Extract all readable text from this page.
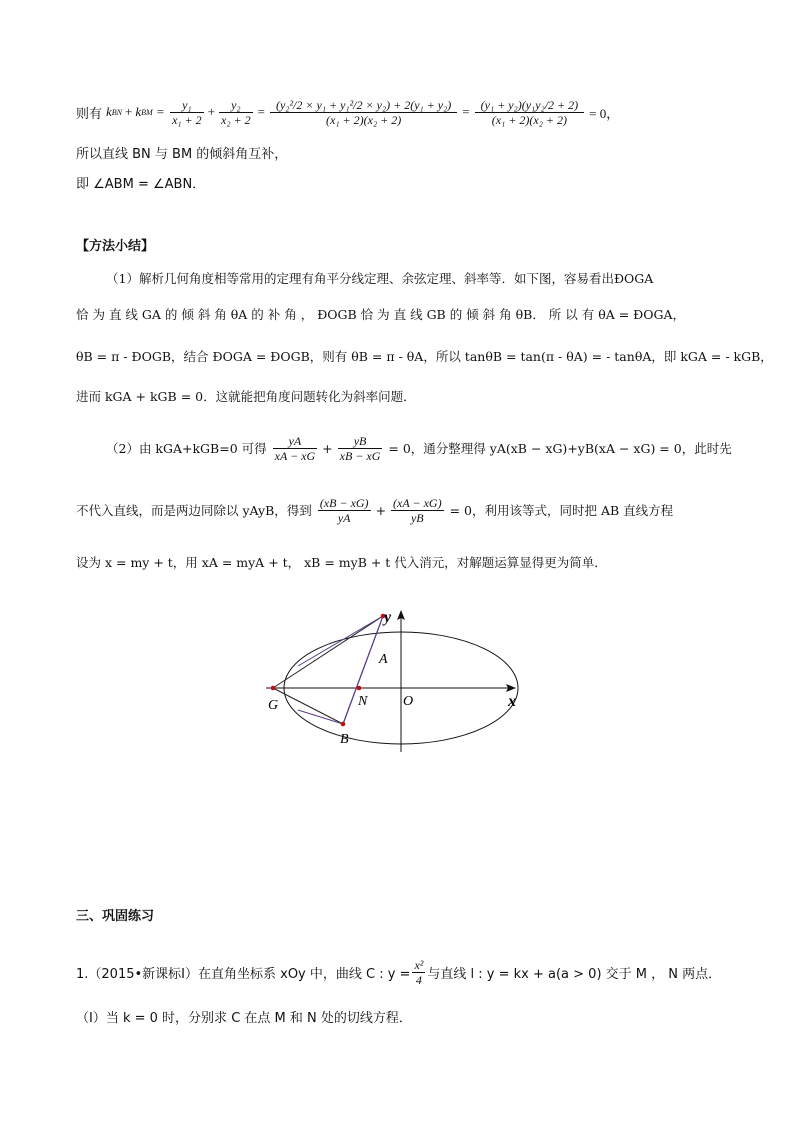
则有 k BN + k BM = $\frac{\text{y₁}}{\text{x₁ + 2}} + \frac{\text{y₂}}{\text{x₂ + 2}} = \frac{\text{(y₂²/2 × y₁ + y₁²/2 × y₂) + 2(y₁ + y₂)}}{\text{(x₁ + 2)(x₂ + 2)}} = \frac{\text{(y₁ + y₂)(y₁y₂/2 + 2)}}{\text{(x₁ + 2)(x₂ + 2)}} = 0$，
所以直线 BN 与 BM 的倾斜角互补，
即 ∠ABM = ∠ABN．
【方法小结】
（1）解析几何角度相等常用的定理有角平分线定理、余弦定理、斜率等．如下图，容易看出ÐOGA
恰 为 直 线 GA 的 倾 斜 角 θA 的 补 角 ， ÐOGB 恰 为 直 线 GB 的 倾 斜 角 θB． 所 以 有 θA = ÐOGA，
θB = π - ÐOGB，结合 ÐOGA = ÐOGB，则有 θB = π - θA，所以 tanθB = tan(π - θA) = - tanθA，即 kGA = - kGB，
进而 kGA + kGB = 0．这就能把角度问题转化为斜率问题．
（2）由 kGA+kGB=0 可得 $\frac{yA}{xA - xG} + \frac{yB}{xB - xG} = 0$，通分整理得 yA(xB − xG)+yB(xA − xG) = 0，此时先
不代入直线，而是两边同除以 yAyB，得到 $\frac{(xB - xG)}{yA} + \frac{(xA - xG)}{yB} = 0$，利用该等式，同时把 AB 直线方程
设为 x = my + t，用 xA = myA + t， xB = myB + t 代入消元，对解题运算显得更为简单．
y
x
A
N	O
G
B
三、巩固练习
1.（2015•新课标Ⅰ）在直角坐标系 xOy 中，曲线 C : $y = \frac{\text{x²}}{4}$ 与直线 l : y = kx + a(a > 0) 交于 M ， N 两点．
（Ⅰ）当 k = 0 时，分别求 C 在点 M 和 N 处的切线方程．
